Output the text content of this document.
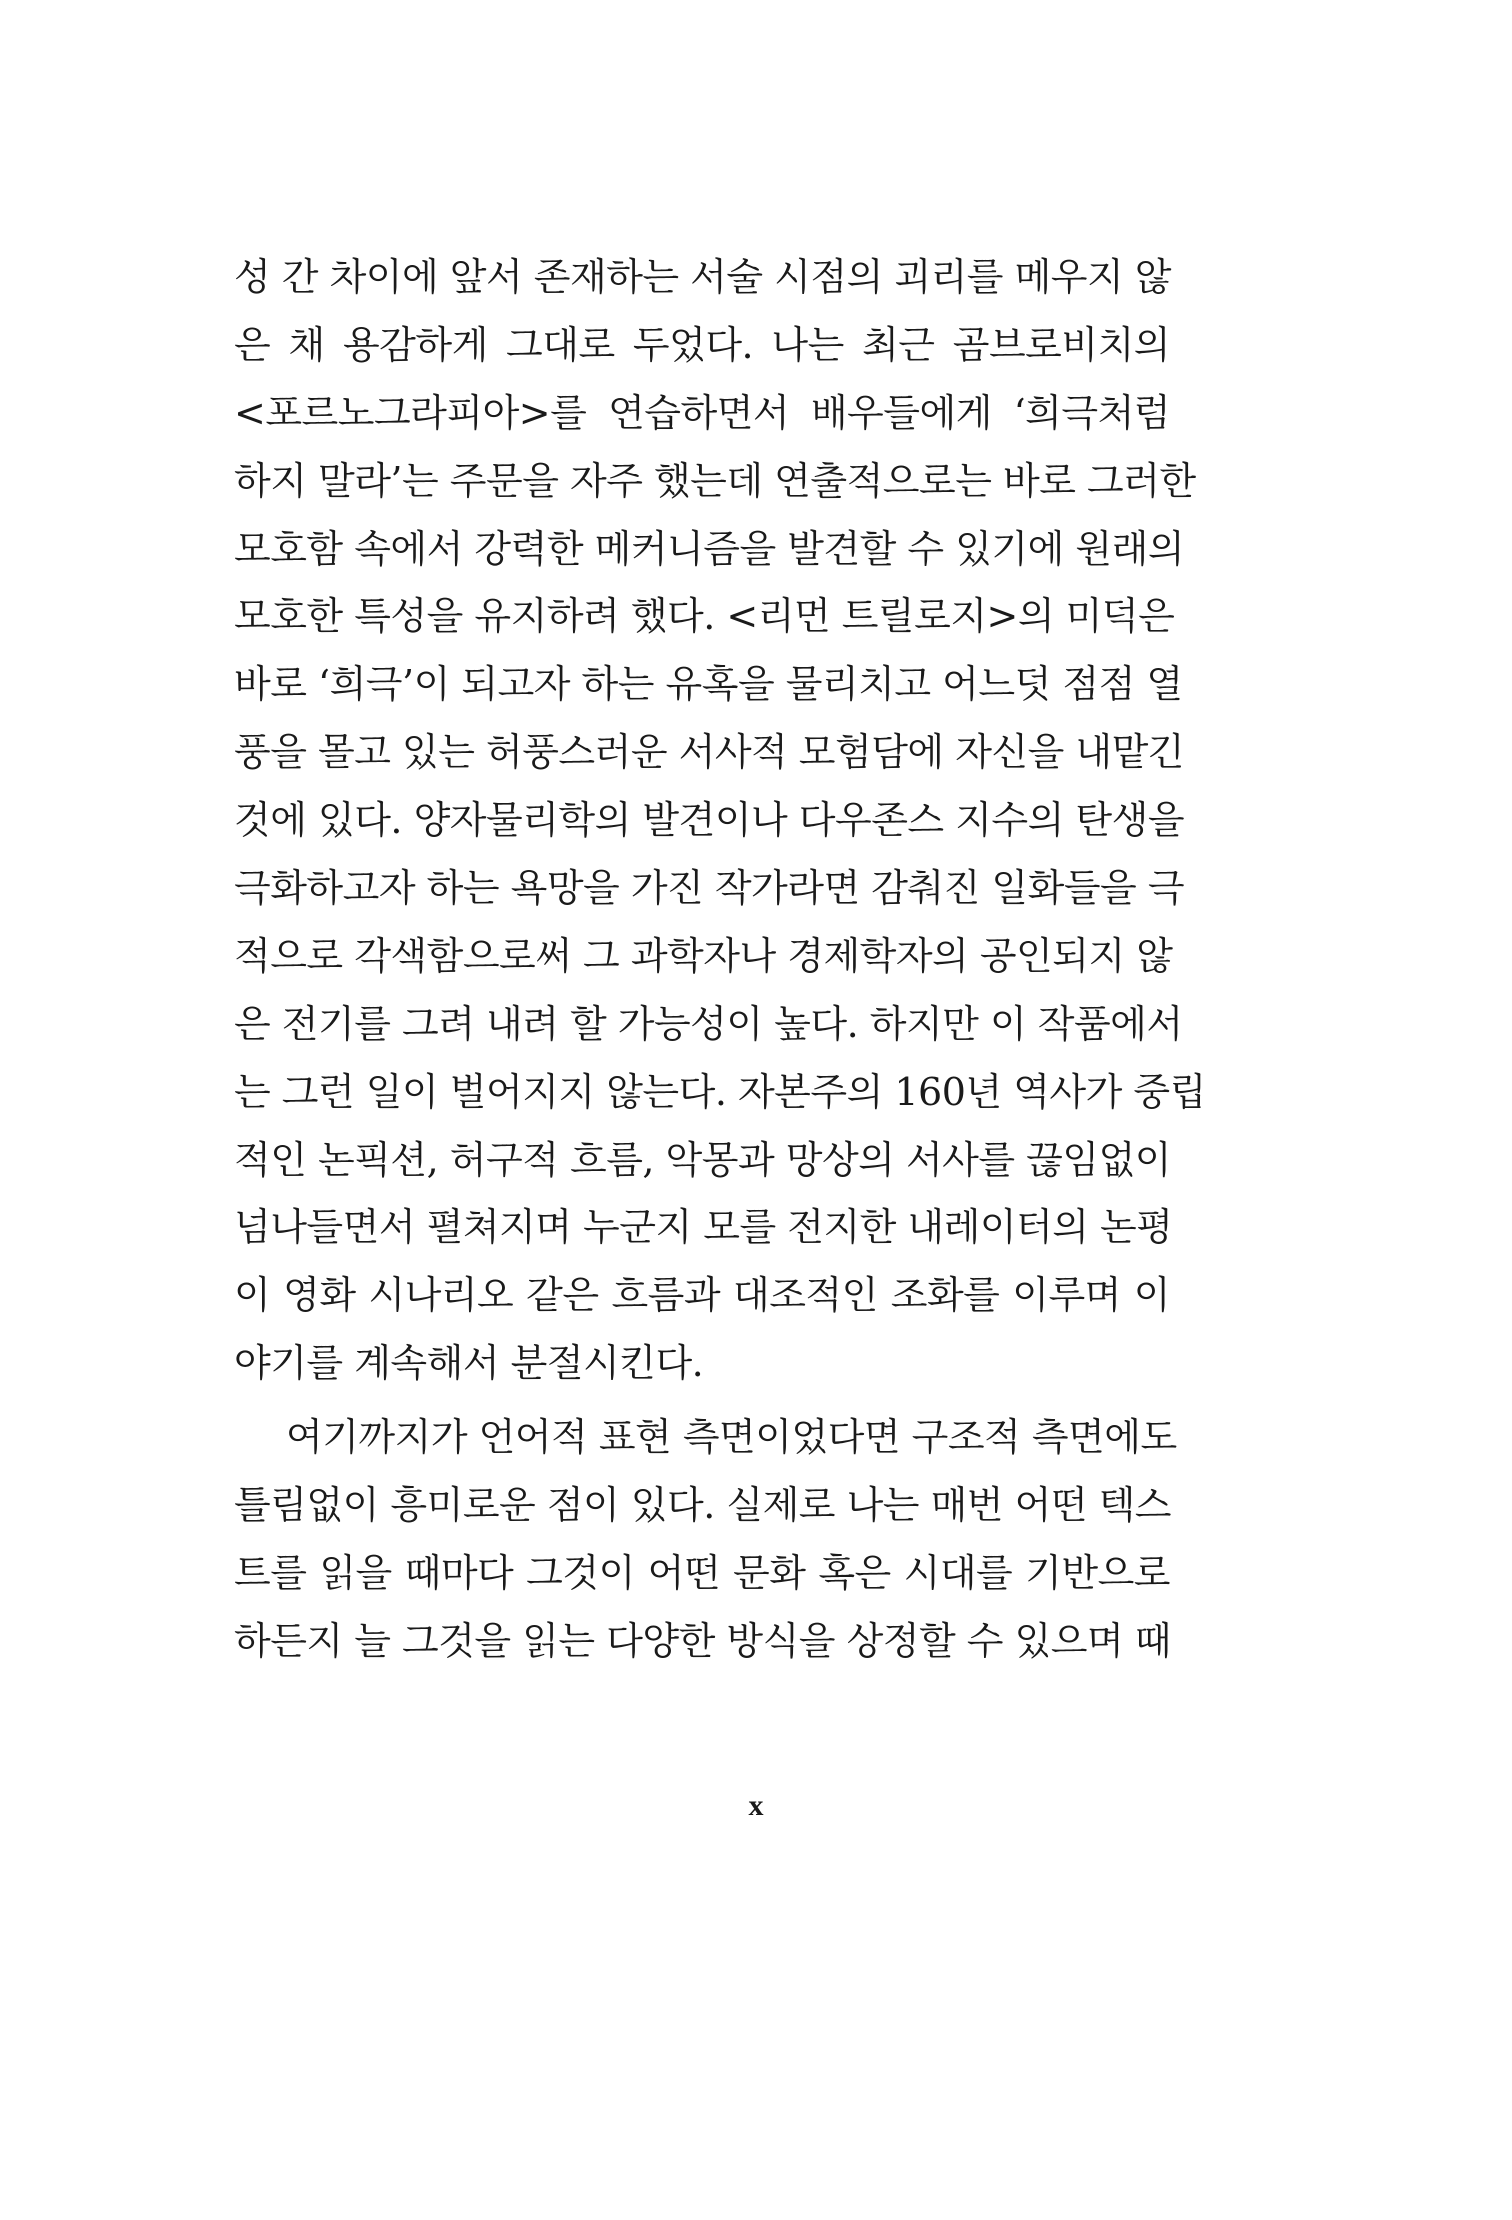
성 간 차이에 앞서 존재하는 서술 시점의 괴리를 메우지 않
은 채 용감하게 그대로 두었다. 나는 최근 곰브로비치의
<포르노그라피아>를 연습하면서 배우들에게 ‘희극처럼
하지 말라’는 주문을 자주 했는데 연출적으로는 바로 그러한
모호함 속에서 강력한 메커니즘을 발견할 수 있기에 원래의
모호한 특성을 유지하려 했다. <리먼 트릴로지>의 미덕은
바로 ‘희극’이 되고자 하는 유혹을 물리치고 어느덧 점점 열
풍을 몰고 있는 허풍스러운 서사적 모험담에 자신을 내맡긴
것에 있다. 양자물리학의 발견이나 다우존스 지수의 탄생을
극화하고자 하는 욕망을 가진 작가라면 감춰진 일화들을 극
적으로 각색함으로써 그 과학자나 경제학자의 공인되지 않
은 전기를 그려 내려 할 가능성이 높다. 하지만 이 작품에서
는 그런 일이 벌어지지 않는다. 자본주의 160년 역사가 중립
적인 논픽션, 허구적 흐름, 악몽과 망상의 서사를 끊임없이
넘나들면서 펼쳐지며 누군지 모를 전지한 내레이터의 논평
이 영화 시나리오 같은 흐름과 대조적인 조화를 이루며 이
야기를 계속해서 분절시킨다.
여기까지가 언어적 표현 측면이었다면 구조적 측면에도
틀림없이 흥미로운 점이 있다. 실제로 나는 매번 어떤 텍스
트를 읽을 때마다 그것이 어떤 문화 혹은 시대를 기반으로
하든지 늘 그것을 읽는 다양한 방식을 상정할 수 있으며 때
x
